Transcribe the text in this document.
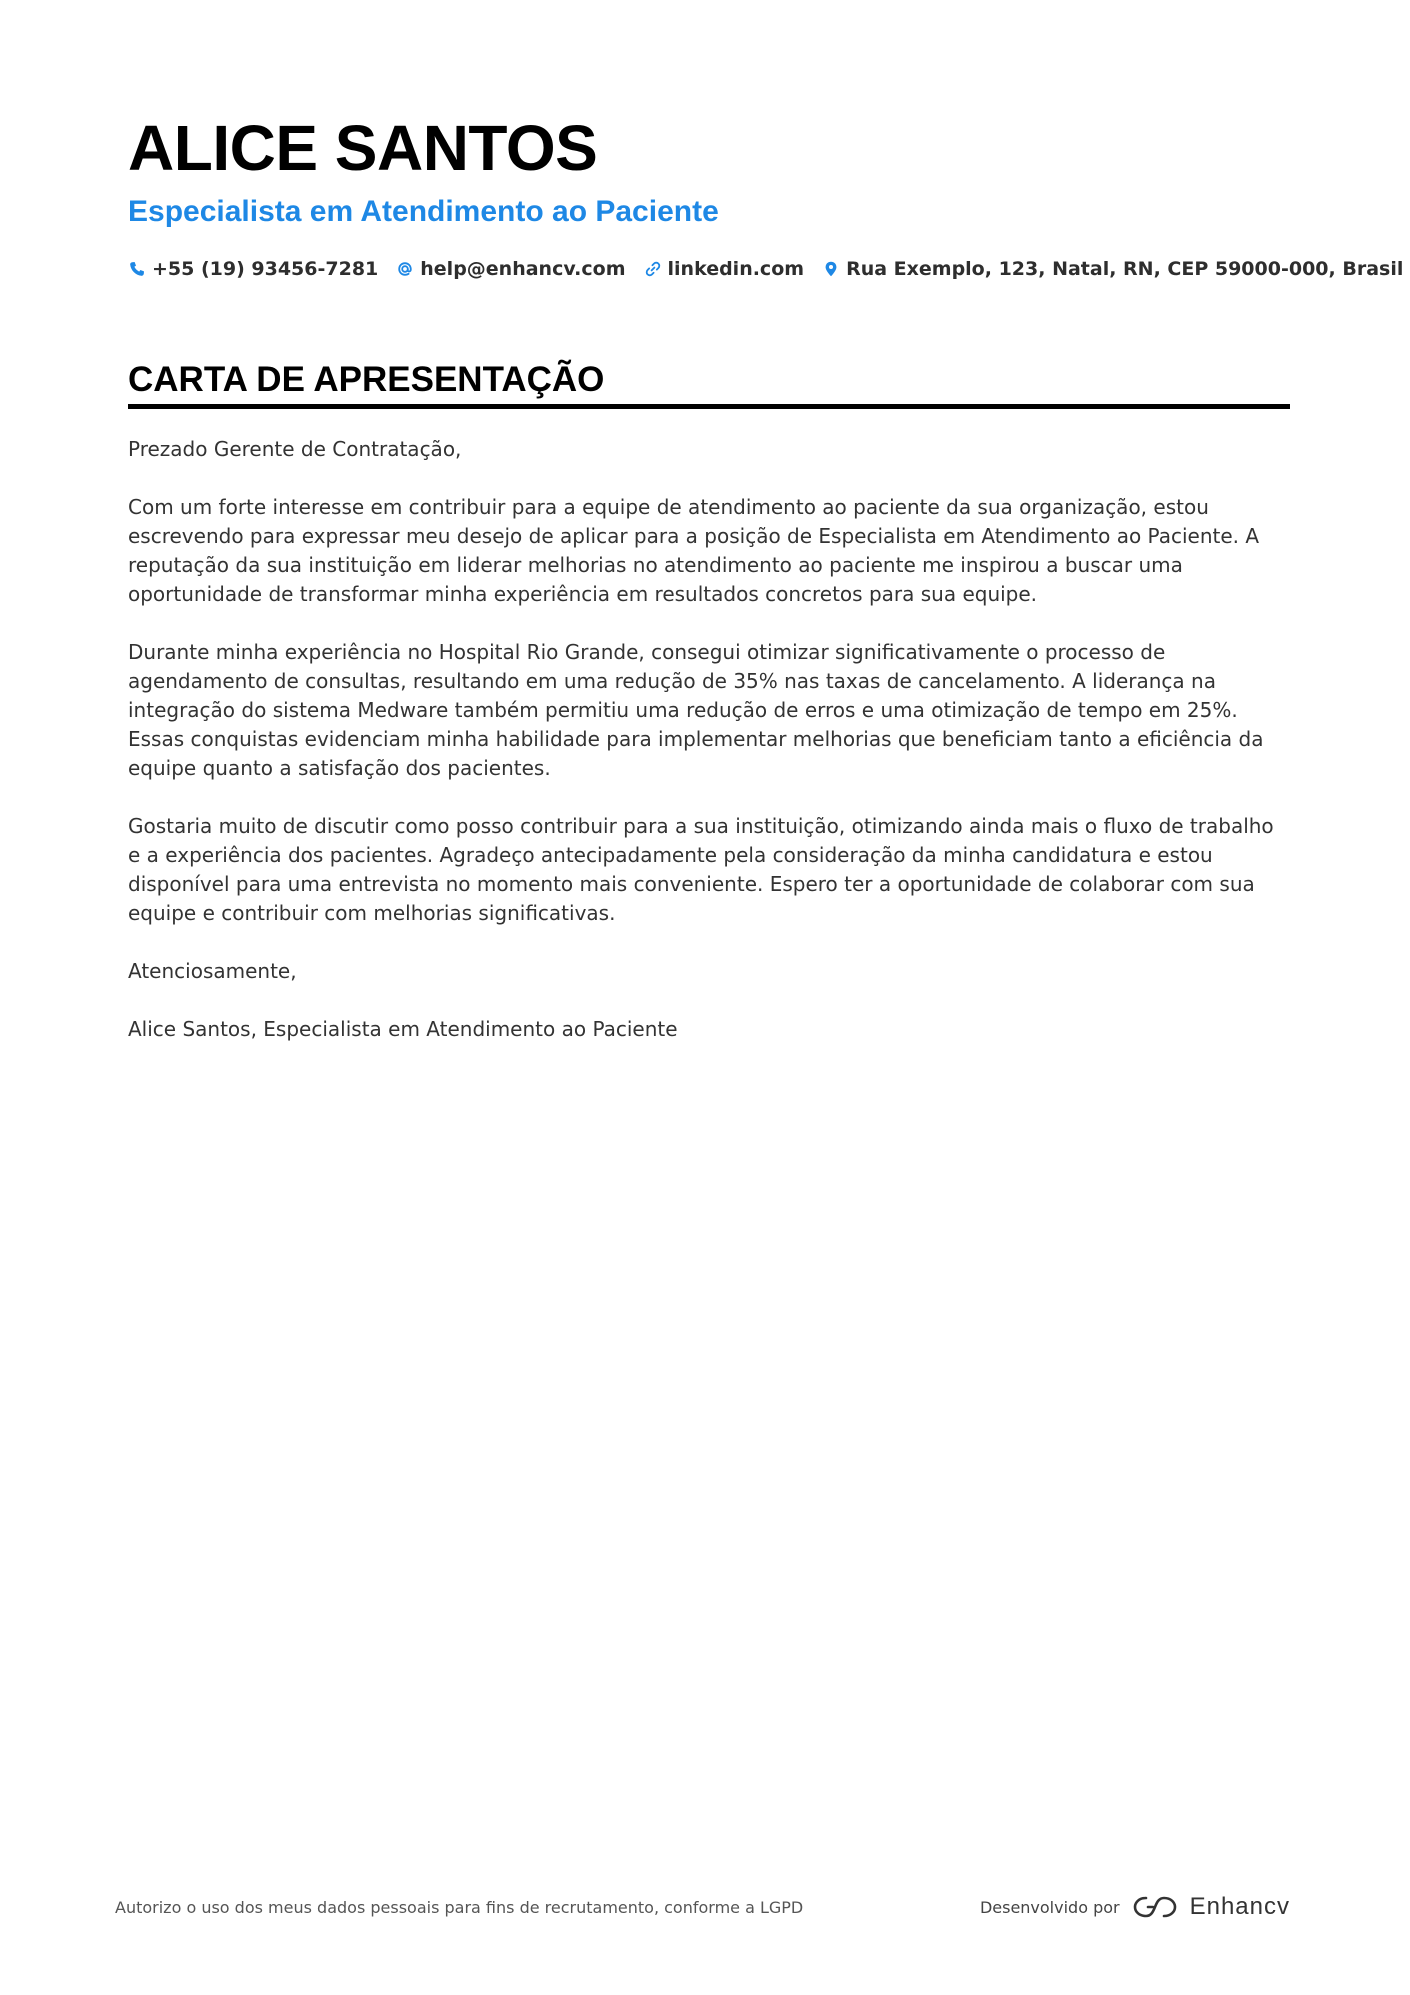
ALICE SANTOS
Especialista em Atendimento ao Paciente
+55 (19) 93456-7281 help@enhancv.com linkedin.com Rua Exemplo, 123, Natal, RN, CEP 59000-000, Brasil
CARTA DE APRESENTAÇÃO

Prezado Gerente de Contratação,

Com um forte interesse em contribuir para a equipe de atendimento ao paciente da sua organização, estou escrevendo para expressar meu desejo de aplicar para a posição de Especialista em Atendimento ao Paciente. A reputação da sua instituição em liderar melhorias no atendimento ao paciente me inspirou a buscar uma oportunidade de transformar minha experiência em resultados concretos para sua equipe.

Durante minha experiência no Hospital Rio Grande, consegui otimizar significativamente o processo de agendamento de consultas, resultando em uma redução de 35% nas taxas de cancelamento. A liderança na integração do sistema Medware também permitiu uma redução de erros e uma otimização de tempo em 25%. Essas conquistas evidenciam minha habilidade para implementar melhorias que beneficiam tanto a eficiência da equipe quanto a satisfação dos pacientes.

Gostaria muito de discutir como posso contribuir para a sua instituição, otimizando ainda mais o fluxo de trabalho e a experiência dos pacientes. Agradeço antecipadamente pela consideração da minha candidatura e estou disponível para uma entrevista no momento mais conveniente. Espero ter a oportunidade de colaborar com sua equipe e contribuir com melhorias significativas.

Atenciosamente,

Alice Santos, Especialista em Atendimento ao Paciente

Autorizo o uso dos meus dados pessoais para fins de recrutamento, conforme a LGPD	Desenvolvido por	Enhancv
